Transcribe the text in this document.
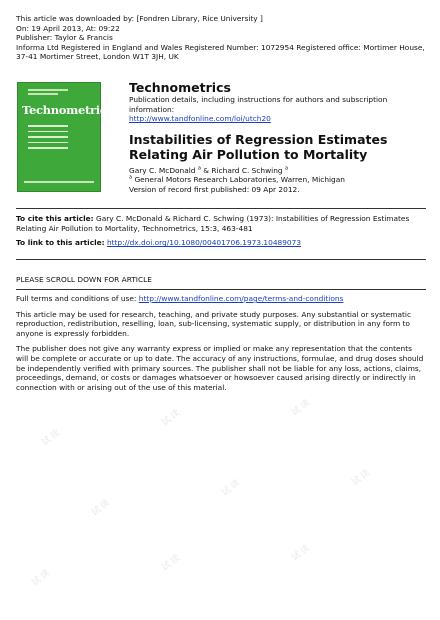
This article was downloaded by: [Fondren Library, Rice University ]
On: 19 April 2013, At: 09:22
Publisher: Taylor & Francis
Informa Ltd Registered in England and Wales Registered Number: 1072954 Registered office: Mortimer House, 37-41 Mortimer Street, London W1T 3JH, UK
Technometrics
Technometrics
Publication details, including instructions for authors and subscription information:
http://www.tandfonline.com/loi/utch20
Instabilities of Regression Estimates Relating Air Pollution to Mortality
Gary C. McDonald $^a$ & Richard C. Schwing $^a$
$^a$ General Motors Research Laboratories, Warren, Michigan
Version of record first published: 09 Apr 2012.
To cite this article: Gary C. McDonald & Richard C. Schwing (1973): Instabilities of Regression Estimates Relating Air Pollution to Mortality, Technometrics, 15:3, 463-481
To link to this article: http://dx.doi.org/10.1080/00401706.1973.10489073
PLEASE SCROLL DOWN FOR ARTICLE

Full terms and conditions of use: http://www.tandfonline.com/page/terms-and-conditions

This article may be used for research, teaching, and private study purposes. Any substantial or systematic reproduction, redistribution, reselling, loan, sub-licensing, systematic supply, or distribution in any form to anyone is expressly forbidden.

The publisher does not give any warranty express or implied or make any representation that the contents will be complete or accurate or up to date. The accuracy of any instructions, formulae, and drug doses should be independently verified with primary sources. The publisher shall not be liable for any loss, actions, claims, proceedings, demand, or costs or damages whatsoever or howsoever caused arising directly or indirectly in connection with or arising out of the use of this material.

试读
试读	试读
试读
试读	试读
试读
试读	试读
